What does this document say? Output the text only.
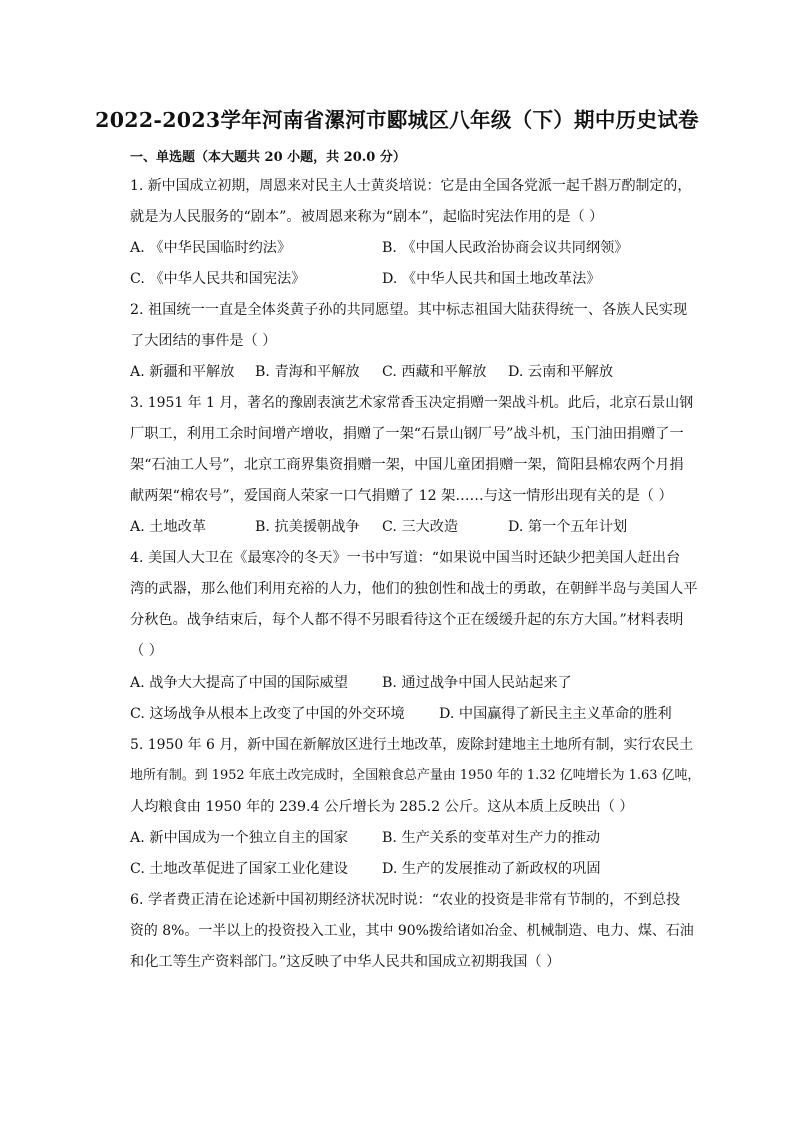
2022-2023学年河南省漯河市郾城区八年级（下）期中历史试卷
一、单选题（本大题共 20 小题，共 20.0 分）
1. 新中国成立初期，周恩来对民主人士黄炎培说：它是由全国各党派一起千斟万酌制定的，
就是为人民服务的“剧本”。被周恩来称为“剧本”，起临时宪法作用的是（ ）
A. 《中华民国临时约法》	B. 《中国人民政治协商会议共同纲领》
C. 《中华人民共和国宪法》	D. 《中华人民共和国土地改革法》
2. 祖国统一一直是全体炎黄子孙的共同愿望。其中标志祖国大陆获得统一、各族人民实现
了大团结的事件是（ ）
A. 新疆和平解放 B. 青海和平解放 C. 西藏和平解放 D. 云南和平解放
3. 1951 年 1 月，著名的豫剧表演艺术家常香玉决定捐赠一架战斗机。此后，北京石景山钢
厂职工，利用工余时间增产增收，捐赠了一架“石景山钢厂号”战斗机，玉门油田捐赠了一
架“石油工人号”，北京工商界集资捐赠一架，中国儿童团捐赠一架，简阳县棉农两个月捐
献两架“棉农号”，爱国商人荣家一口气捐赠了 12 架……与这一情形出现有关的是（ ）
A. 土地改革	B. 抗美援朝战争 C. 三大改造	D. 第一个五年计划
4. 美国人大卫在《最寒冷的冬天》一书中写道：“如果说中国当时还缺少把美国人赶出台
湾的武器，那么他们利用充裕的人力，他们的独创性和战士的勇敢，在朝鲜半岛与美国人平
分秋色。战争结束后，每个人都不得不另眼看待这个正在缓缓升起的东方大国。”材料表明
（ ）
A. 战争大大提高了中国的国际威望 B. 通过战争中国人民站起来了
C. 这场战争从根本上改变了中国的外交环境 D. 中国赢得了新民主主义革命的胜利
5. 1950 年 6 月，新中国在新解放区进行土地改革，废除封建地主土地所有制，实行农民土
地所有制。到 1952 年底土改完成时，全国粮食总产量由 1950 年的 1.32 亿吨增长为 1.63 亿吨，
人均粮食由 1950 年的 239.4 公斤增长为 285.2 公斤。这从本质上反映出（ ）
A. 新中国成为一个独立自主的国家 B. 生产关系的变革对生产力的推动
C. 土地改革促进了国家工业化建设 D. 生产的发展推动了新政权的巩固
6. 学者费正清在论述新中国初期经济状况时说：“农业的投资是非常有节制的，不到总投
资的 8%。一半以上的投资投入工业，其中 90%拨给诸如冶金、机械制造、电力、煤、石油
和化工等生产资料部门。”这反映了中华人民共和国成立初期我国（ ）
